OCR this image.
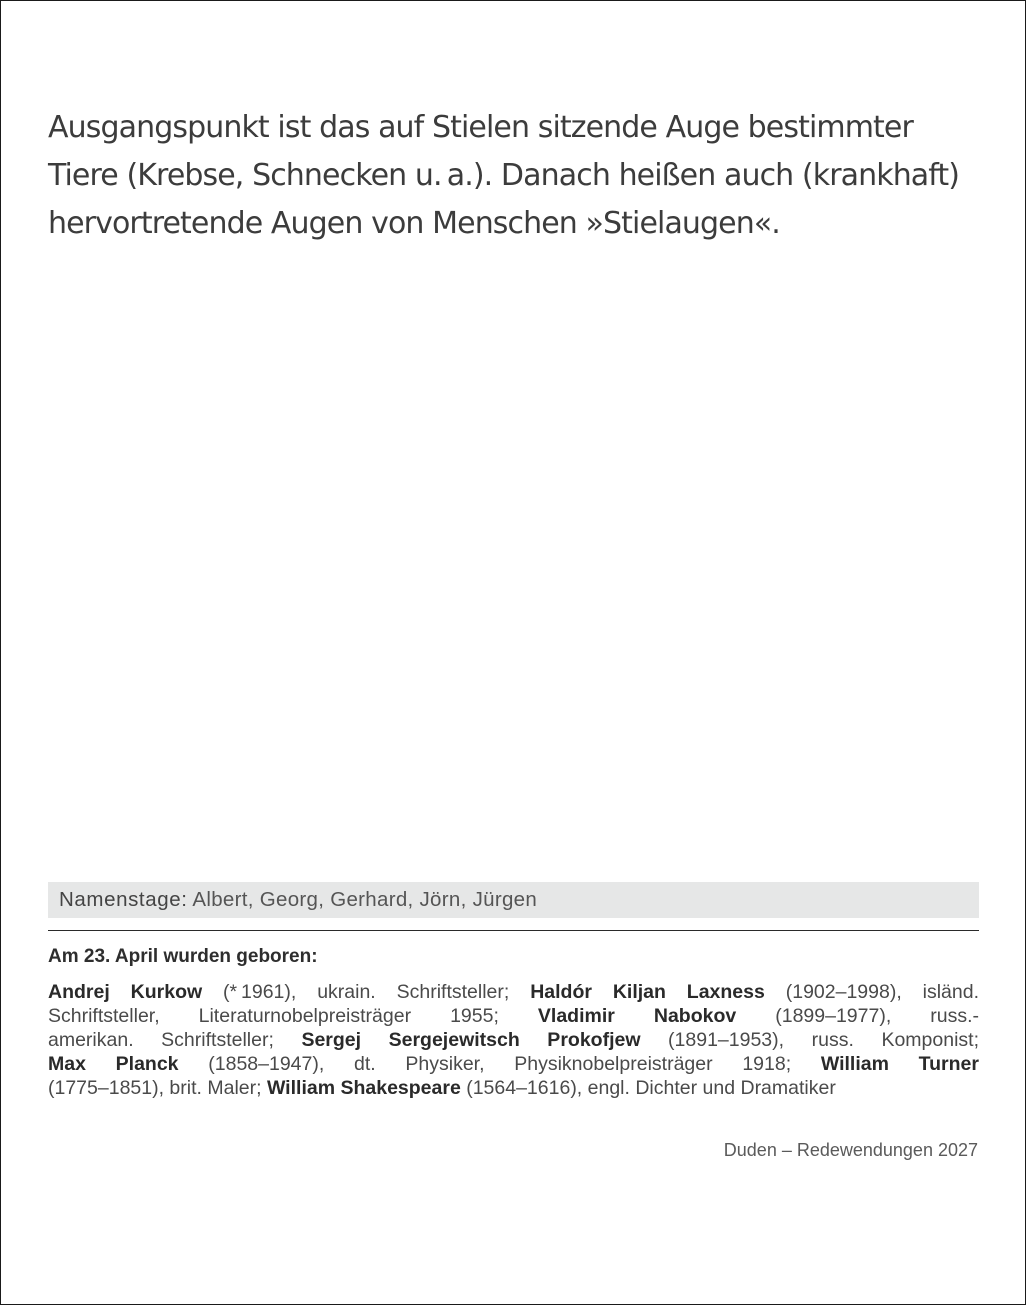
Ausgangspunkt ist das auf Stielen sitzende Auge bestimmter

Tiere (Krebse, Schnecken u. a.). Danach heißen auch (krankhaft)

hervortretende Augen von Menschen »Stielaugen«.

Namenstage: Albert, Georg, Gerhard, Jörn, Jürgen
Am 23. April wurden geboren:
Andrej Kurkow (* 1961), ukrain. Schriftsteller; Haldór Kiljan Laxness (1902–1998), isländ.
Schriftsteller, Literaturnobelpreisträger 1955; Vladimir Nabokov (1899–1977), russ.-
amerikan. Schriftsteller; Sergej Sergejewitsch Prokofjew (1891–1953), russ. Komponist;
Max Planck (1858–1947), dt. Physiker, Physiknobelpreisträger 1918; William Turner
(1775–1851), brit. Maler; William Shakespeare (1564–1616), engl. Dichter und Dramatiker
Duden – Redewendungen 2027
